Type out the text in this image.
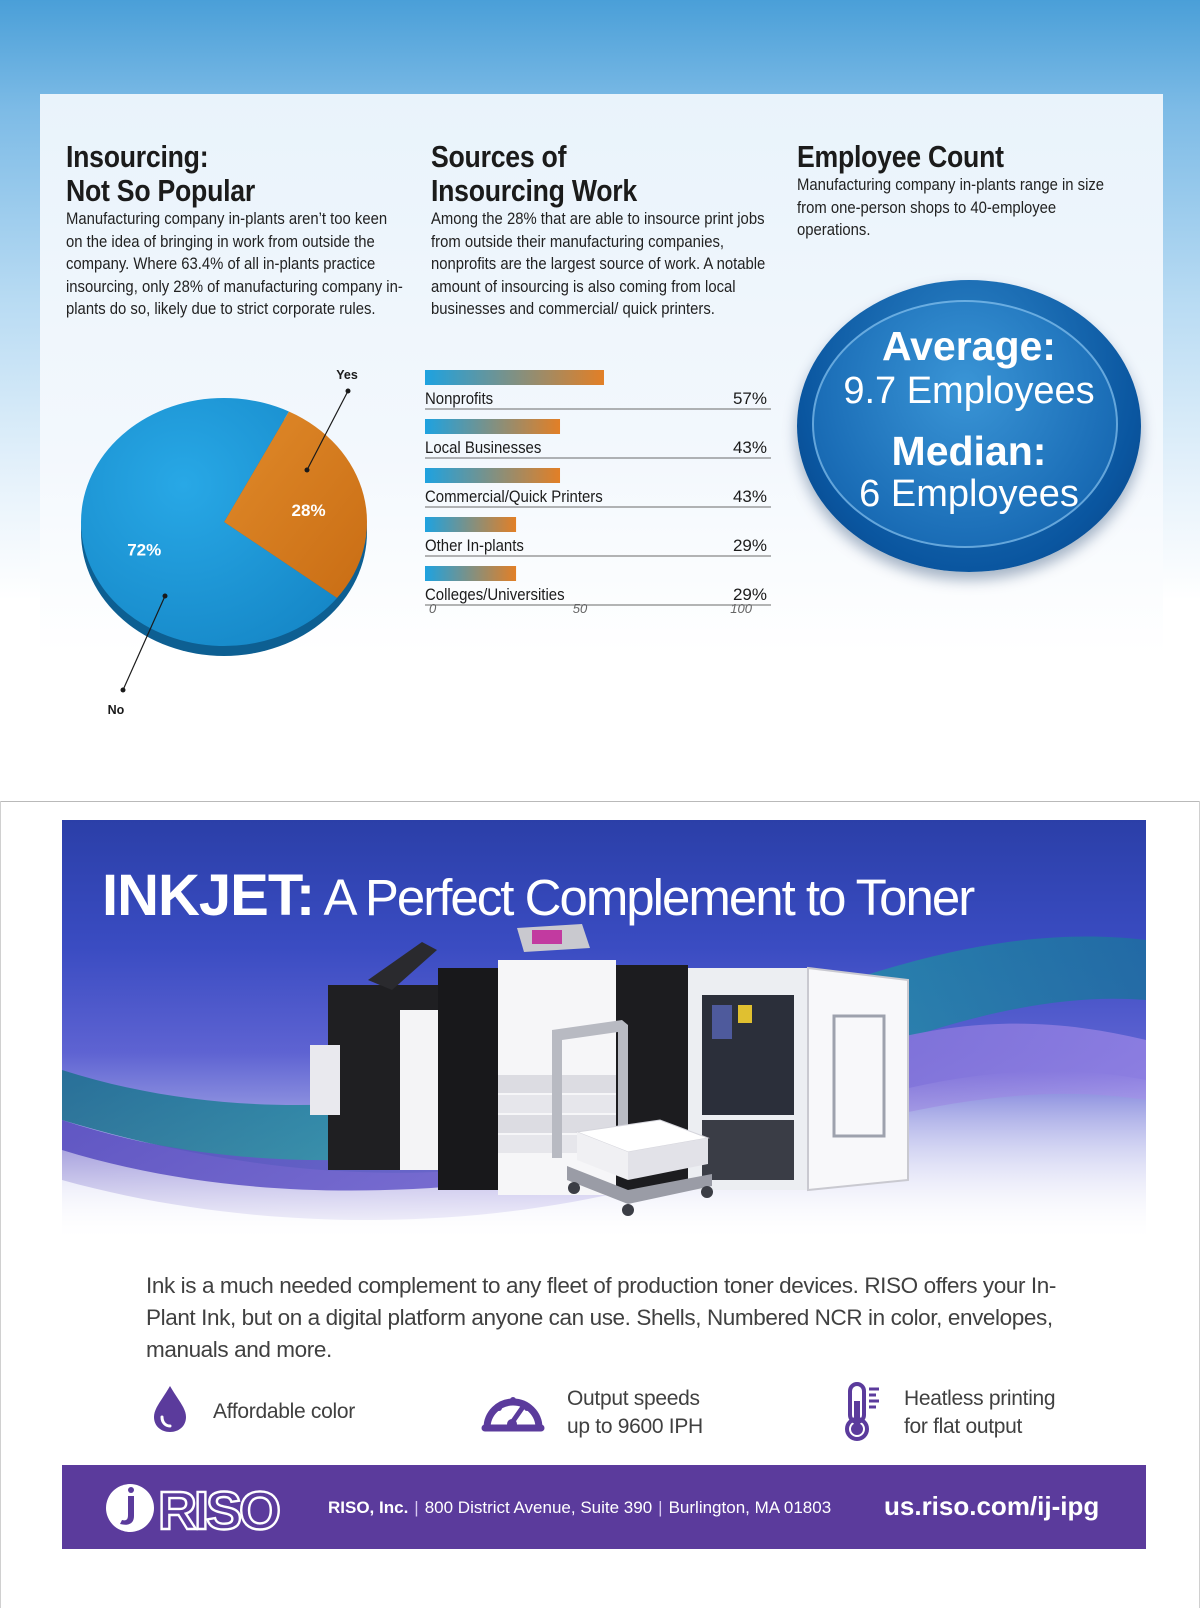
Insourcing:
Not So Popular
Manufacturing company in-plants aren’t too keen on the idea of bringing in work from outside the company. Where 63.4% of all in-plants practice insourcing, only 28% of manufacturing company in-plants do so, likely due to strict corporate rules.
Sources of
Insourcing Work
Among the 28% that are able to insource print jobs from outside their manufacturing companies, nonprofits are the largest source of work. A notable amount of insourcing is also coming from local businesses and commercial/ quick printers.
Employee Count
Manufacturing company in-plants range in size from one-person shops to 40-employee operations.
28%
Yes
72%
No
Nonprofits	57%
Local Businesses	43%
Commercial/Quick Printers	43%
Other In-plants	29%
Colleges/Universities	29%
0	50	100
Average:
9.7 Employees
Median:
6 Employees
INKJET: A Perfect Complement to Toner
Ink is a much needed complement to any fleet of production toner devices. RISO offers your In-Plant Ink, but on a digital platform anyone can use. Shells, Numbered NCR in color, envelopes, manuals and more.
Affordable color
Output speeds
up to 9600 IPH
Heatless printing
for flat output
RISO	RISO, Inc. | 800 District Avenue, Suite 390 | Burlington, MA 01803 us.riso.com/ij-ipg
